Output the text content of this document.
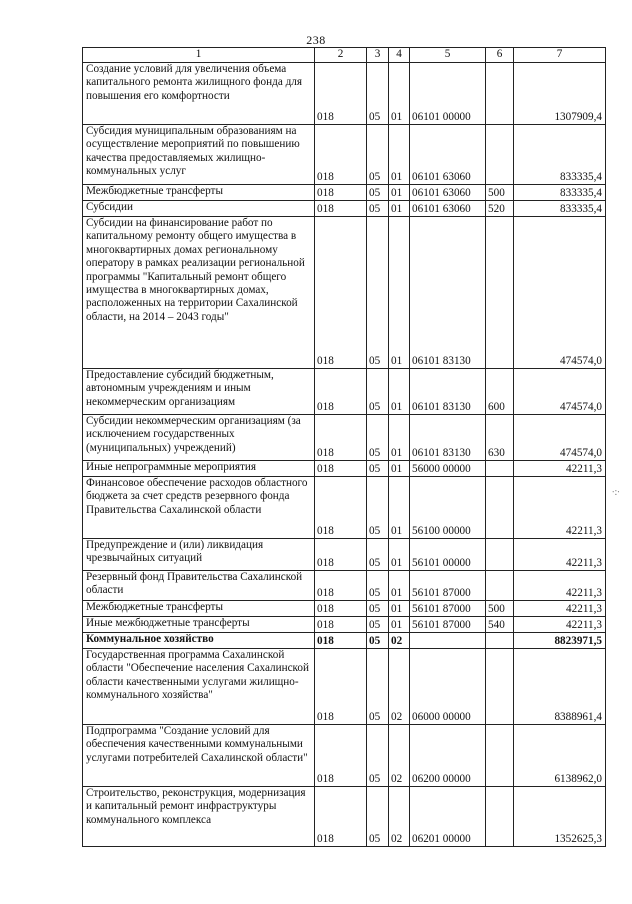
238
1	2	3	4	5	6	7
Создание условий для увеличения объема капитального ремонта жилищного фонда для повышения его комфортности	018	05	01	06101 00000		1307909,4
Субсидия муниципальным образованиям на осуществление мероприятий по повышению качества предоставляемых жилищно-коммунальных услуг	018	05	01	06101 63060		833335,4
Межбюджетные трансферты	018	05	01	06101 63060	500	833335,4
Субсидии	018	05	01	06101 63060	520	833335,4
Субсидии на финансирование работ по капитальному ремонту общего имущества в многоквартирных домах региональному оператору в рамках реализации региональной программы "Капитальный ремонт общего имущества в многоквартирных домах, расположенных на территории Сахалинской области, на 2014 – 2043 годы"	018	05	01	06101 83130		474574,0
Предоставление субсидий бюджетным, автономным учреждениям и иным некоммерческим организациям	018	05	01	06101 83130	600	474574,0
Субсидии некоммерческим организациям (за исключением государственных (муниципальных) учреждений)	018	05	01	06101 83130	630	474574,0
Иные непрограммные мероприятия	018	05	01	56000 00000		42211,3
Финансовое обеспечение расходов областного бюджета за счет средств резервного фонда Правительства Сахалинской области	018	05	01	56100 00000		42211,3
Предупреждение и (или) ликвидация чрезвычайных ситуаций	018	05	01	56101 00000		42211,3
Резервный фонд Правительства Сахалинской области	018	05	01	56101 87000		42211,3
Межбюджетные трансферты	018	05	01	56101 87000	500	42211,3
Иные межбюджетные трансферты	018	05	01	56101 87000	540	42211,3
Коммунальное хозяйство	018	05	02			8823971,5
Государственная программа Сахалинской области "Обеспечение населения Сахалинской области качественными услугами жилищно-коммунального хозяйства"	018	05	02	06000 00000		8388961,4
Подпрограмма "Создание условий для обеспечения качественными коммунальными услугами потребителей Сахалинской области"	018	05	02	06200 00000		6138962,0
Строительство, реконструкция, модернизация и капитальный ремонт инфраструктуры коммунального комплекса	018	05	02	06201 00000		1352625,3
∙:∙
